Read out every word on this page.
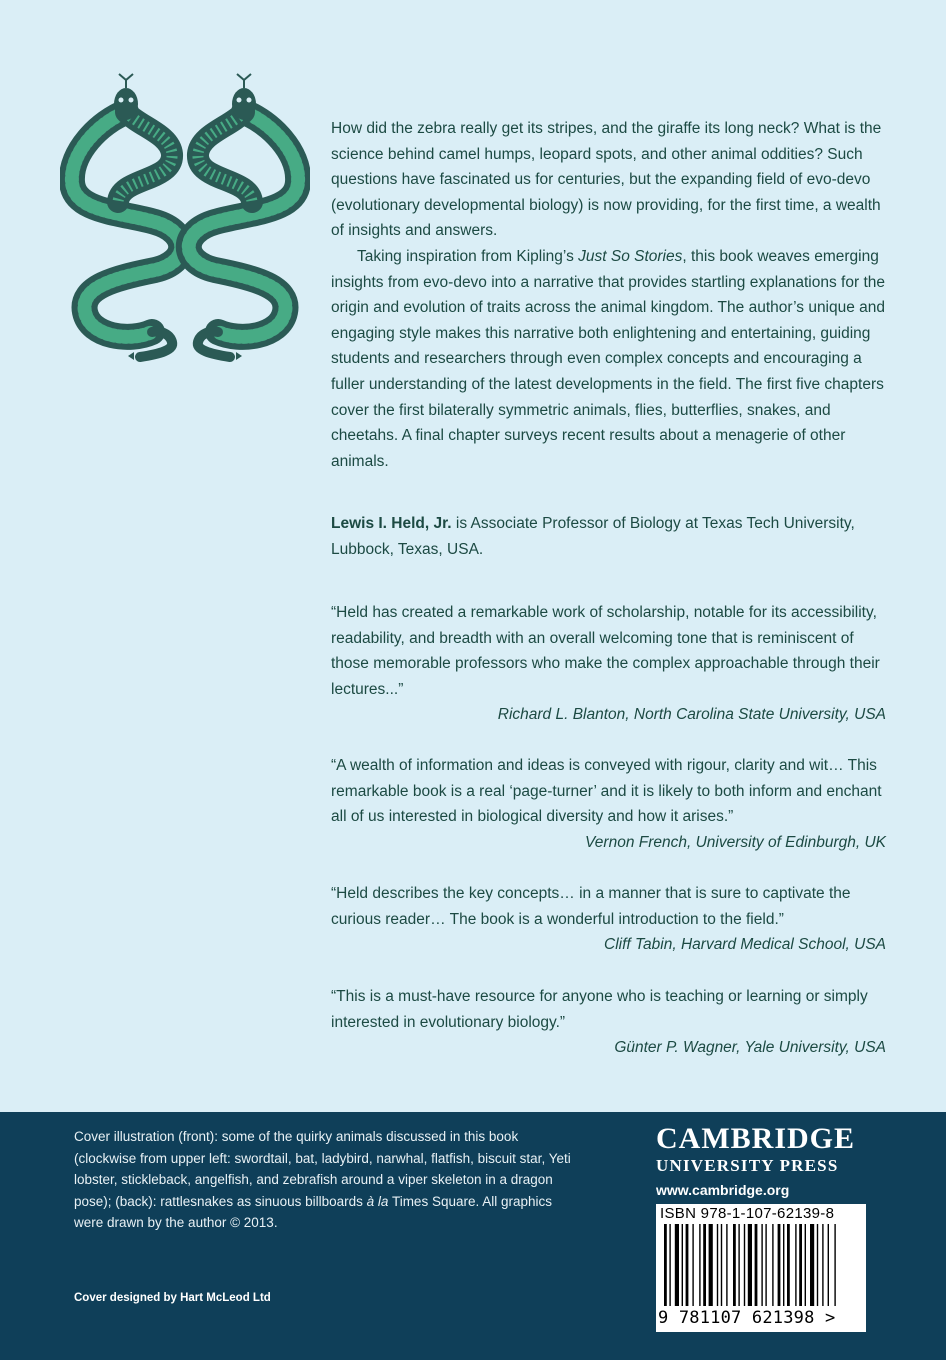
How did the zebra really get its stripes, and the giraffe its long neck? What is the science behind camel humps, leopard spots, and other animal oddities? Such questions have fascinated us for centuries, but the expanding field of evo-devo (evolutionary developmental biology) is now providing, for the first time, a wealth of insights and answers.

Taking inspiration from Kipling’s Just So Stories, this book weaves emerging insights from evo-devo into a narrative that provides startling explanations for the origin and evolution of traits across the animal kingdom. The author’s unique and engaging style makes this narrative both enlightening and entertaining, guiding students and researchers through even complex concepts and encouraging a fuller understanding of the latest developments in the field. The first five chapters cover the first bilaterally symmetric animals, flies, butterflies, snakes, and cheetahs. A final chapter surveys recent results about a menagerie of other animals.

Lewis I. Held, Jr. is Associate Professor of Biology at Texas Tech University, Lubbock, Texas, USA.

“Held has created a remarkable work of scholarship, notable for its accessibility, readability, and breadth with an overall welcoming tone that is reminiscent of those memorable professors who make the complex approachable through their lectures...”
Richard L. Blanton, North Carolina State University, USA
“A wealth of information and ideas is conveyed with rigour, clarity and wit… This remarkable book is a real ‘page-turner’ and it is likely to both inform and enchant all of us interested in biological diversity and how it arises.”
Vernon French, University of Edinburgh, UK
“Held describes the key concepts… in a manner that is sure to captivate the curious reader… The book is a wonderful introduction to the field.”
Cliff Tabin, Harvard Medical School, USA
“This is a must-have resource for anyone who is teaching or learning or simply interested in evolutionary biology.”
Günter P. Wagner, Yale University, USA
Cover illustration (front): some of the quirky animals discussed in this book (clockwise from upper left: swordtail, bat, ladybird, narwhal, flatfish, biscuit star, Yeti lobster, stickleback, angelfish, and zebrafish around a viper skeleton in a dragon pose); (back): rattlesnakes as sinuous billboards à la Times Square. All graphics were drawn by the author © 2013.
Cover designed by Hart McLeod Ltd
CAMBRIDGE
UNIVERSITY PRESS
www.cambridge.org
ISBN 978-1-107-62139-8
9 781107 621398 >
